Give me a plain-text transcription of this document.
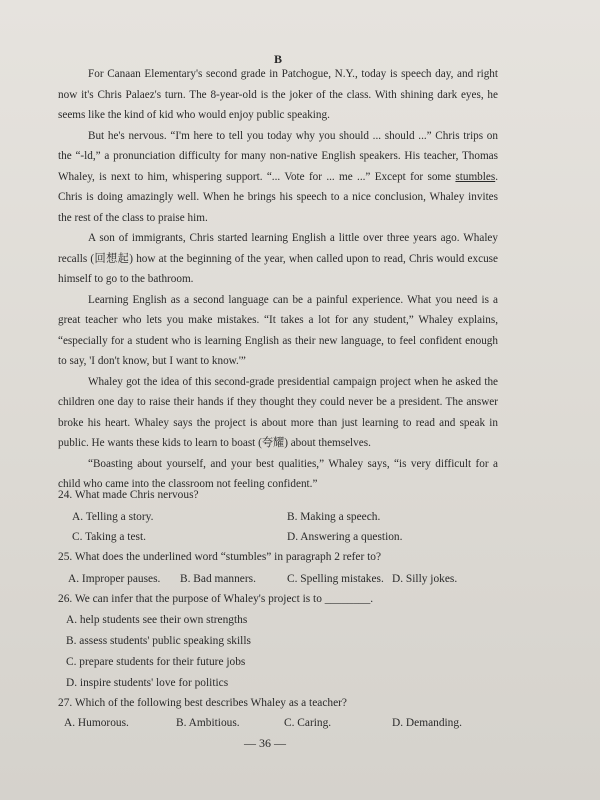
B

For Canaan Elementary's second grade in Patchogue, N.Y., today is speech day, and right now it's Chris Palaez's turn. The 8-year-old is the joker of the class. With shining dark eyes, he seems like the kind of kid who would enjoy public speaking.

But he's nervous. “I'm here to tell you today why you should ... should ...” Chris trips on the “-ld,” a pronunciation difficulty for many non-native English speakers. His teacher, Thomas Whaley, is next to him, whispering support. “... Vote for ... me ...” Except for some stumbles. Chris is doing amazingly well. When he brings his speech to a nice conclusion, Whaley invites the rest of the class to praise him.

A son of immigrants, Chris started learning English a little over three years ago. Whaley recalls (回想起) how at the beginning of the year, when called upon to read, Chris would excuse himself to go to the bathroom.

Learning English as a second language can be a painful experience. What you need is a great teacher who lets you make mistakes. “It takes a lot for any student,” Whaley explains, “especially for a student who is learning English as their new language, to feel confident enough to say, 'I don't know, but I want to know.'”

Whaley got the idea of this second-grade presidential campaign project when he asked the children one day to raise their hands if they thought they could never be a president. The answer broke his heart. Whaley says the project is about more than just learning to read and speak in public. He wants these kids to learn to boast (夸耀) about themselves.

“Boasting about yourself, and your best qualities,” Whaley says, “is very difficult for a child who came into the classroom not feeling confident.”

24. What made Chris nervous?
A. Telling a story.	B. Making a speech.
C. Taking a test.	D. Answering a question.
25. What does the underlined word “stumbles” in paragraph 2 refer to?
A. Improper pauses. B. Bad manners.	C. Spelling mistakes. D. Silly jokes.
26. We can infer that the purpose of Whaley's project is to ________.
A. help students see their own strengths
B. assess students' public speaking skills
C. prepare students for their future jobs
D. inspire students' love for politics
27. Which of the following best describes Whaley as a teacher?
A. Humorous.	B. Ambitious.	C. Caring.	D. Demanding.
— 36 —
